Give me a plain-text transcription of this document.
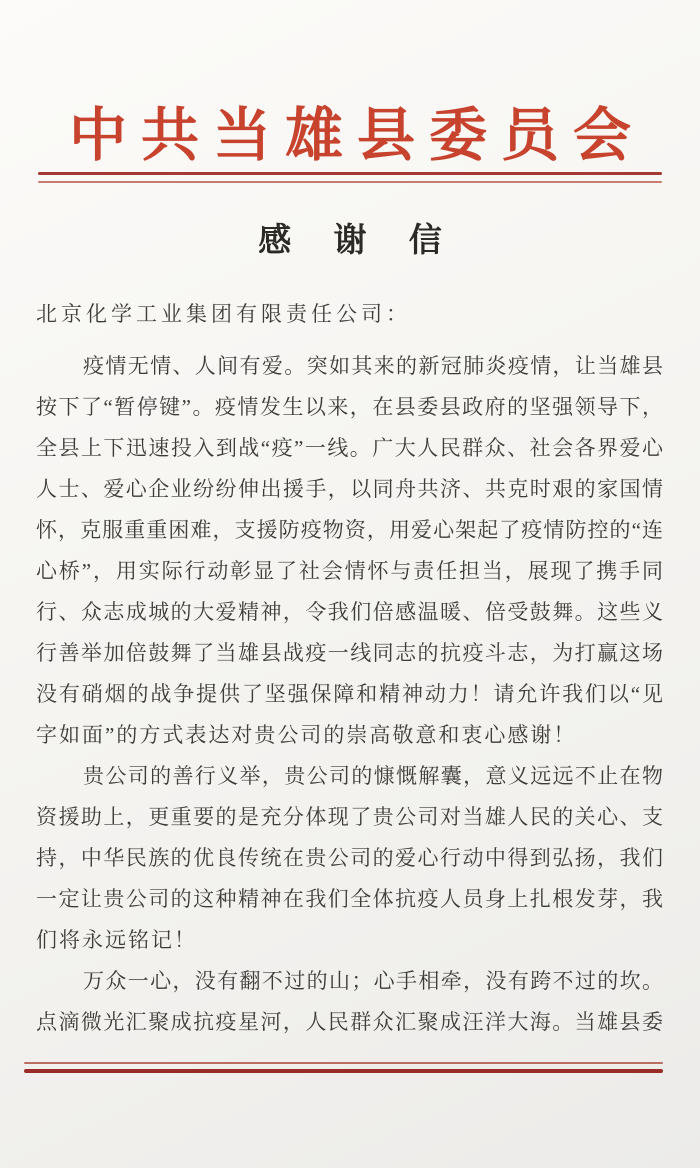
中共当雄县委员会
感 谢 信
北京化学工业集团有限责任公司：
疫情无情、人间有爱。突如其来的新冠肺炎疫情，让当雄县
按下了“暂停键”。疫情发生以来，在县委县政府的坚强领导下，
全县上下迅速投入到战“疫”一线。广大人民群众、社会各界爱心
人士、爱心企业纷纷伸出援手，以同舟共济、共克时艰的家国情
怀，克服重重困难，支援防疫物资，用爱心架起了疫情防控的“连
心桥”，用实际行动彰显了社会情怀与责任担当，展现了携手同
行、众志成城的大爱精神，令我们倍感温暖、倍受鼓舞。这些义
行善举加倍鼓舞了当雄县战疫一线同志的抗疫斗志，为打赢这场
没有硝烟的战争提供了坚强保障和精神动力！请允许我们以“见
字如面”的方式表达对贵公司的崇高敬意和衷心感谢！
贵公司的善行义举，贵公司的慷慨解囊，意义远远不止在物
资援助上，更重要的是充分体现了贵公司对当雄人民的关心、支
持，中华民族的优良传统在贵公司的爱心行动中得到弘扬，我们
一定让贵公司的这种精神在我们全体抗疫人员身上扎根发芽，我
们将永远铭记！
万众一心，没有翻不过的山；心手相牵，没有跨不过的坎。
点滴微光汇聚成抗疫星河，人民群众汇聚成汪洋大海。当雄县委
